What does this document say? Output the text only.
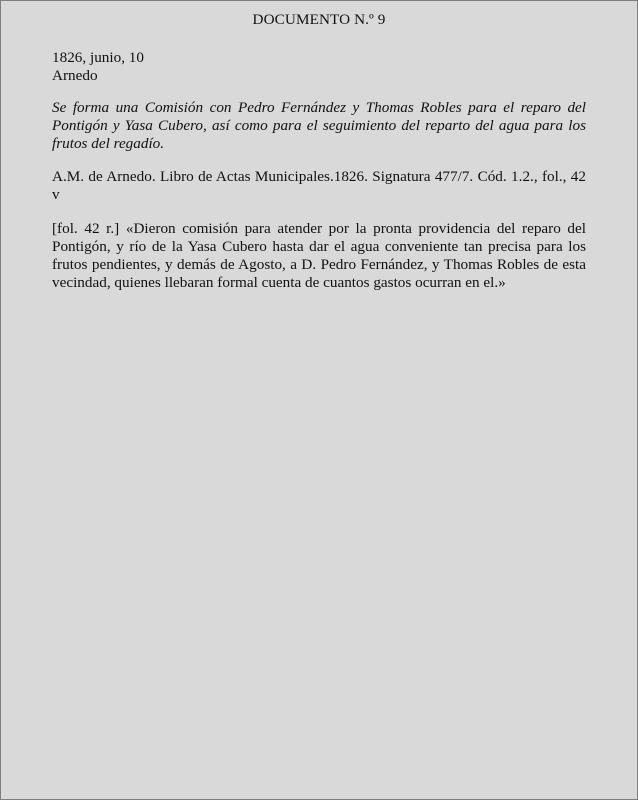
DOCUMENTO N.º 9
1826, junio, 10
Arnedo
Se forma una Comisión con Pedro Fernández y Thomas Robles para el reparo del Pontigón y Yasa Cubero, así como para el seguimiento del reparto del agua para los frutos del regadío.
A.M. de Arnedo. Libro de Actas Municipales.1826. Signatura 477/7. Cód. 1.2., fol., 42 v
[fol. 42 r.] «Dieron comisión para atender por la pronta providencia del reparo del Pontigón, y río de la Yasa Cubero hasta dar el agua conveniente tan precisa para los frutos pendientes, y demás de Agosto, a D. Pedro Fernández, y Thomas Robles de esta vecindad, quienes llebaran formal cuenta de cuantos gastos ocurran en el.»
